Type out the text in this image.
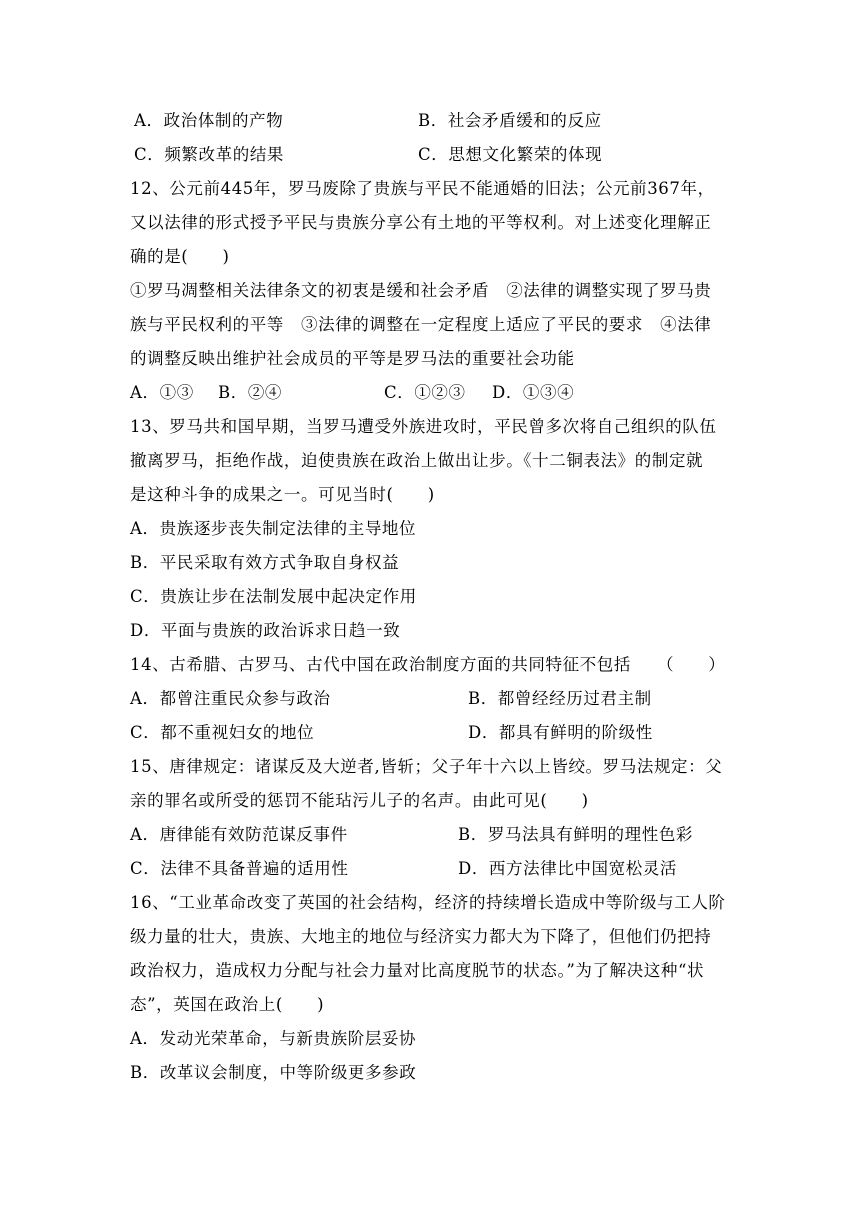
A．政治体制的产物	B．社会矛盾缓和的反应
C．频繁改革的结果	C．思想文化繁荣的体现
12、公元前445年，罗马废除了贵族与平民不能通婚的旧法；公元前367年，
又以法律的形式授予平民与贵族分享公有土地的平等权利。对上述变化理解正
确的是(　　)
①罗马凋整相关法律条文的初衷是缓和社会矛盾　②法律的调整实现了罗马贵
族与平民权利的平等　③法律的调整在一定程度上适应了平民的要求　④法律
的调整反映出维护社会成员的平等是罗马法的重要社会功能
A．①③ B．②④	C．①②③ D．①③④
13、罗马共和国早期，当罗马遭受外族进攻时，平民曾多次将自己组织的队伍
撤离罗马，拒绝作战，迫使贵族在政治上做出让步。《十二铜表法》的制定就
是这种斗争的成果之一。可见当时(　　)
A．贵族逐步丧失制定法律的主导地位
B．平民采取有效方式争取自身权益
C．贵族让步在法制发展中起决定作用
D．平面与贵族的政治诉求日趋一致
14、古希腊、古罗马、古代中国在政治制度方面的共同特征不包括　　（　　）
A．都曾注重民众参与政治	B．都曾经经历过君主制
C．都不重视妇女的地位	D．都具有鲜明的阶级性
15、唐律规定：诸谋反及大逆者,皆斩；父子年十六以上皆绞。罗马法规定：父
亲的罪名或所受的惩罚不能玷污儿子的名声。由此可见(　　)
A．唐律能有效防范谋反事件	B．罗马法具有鲜明的理性色彩
C．法律不具备普遍的适用性	D．西方法律比中国宽松灵活
16、“工业革命改变了英国的社会结构，经济的持续增长造成中等阶级与工人阶
级力量的壮大，贵族、大地主的地位与经济实力都大为下降了，但他们仍把持
政治权力，造成权力分配与社会力量对比高度脱节的状态。”为了解决这种“状
态”，英国在政治上(　　)
A．发动光荣革命，与新贵族阶层妥协
B．改革议会制度，中等阶级更多参政
